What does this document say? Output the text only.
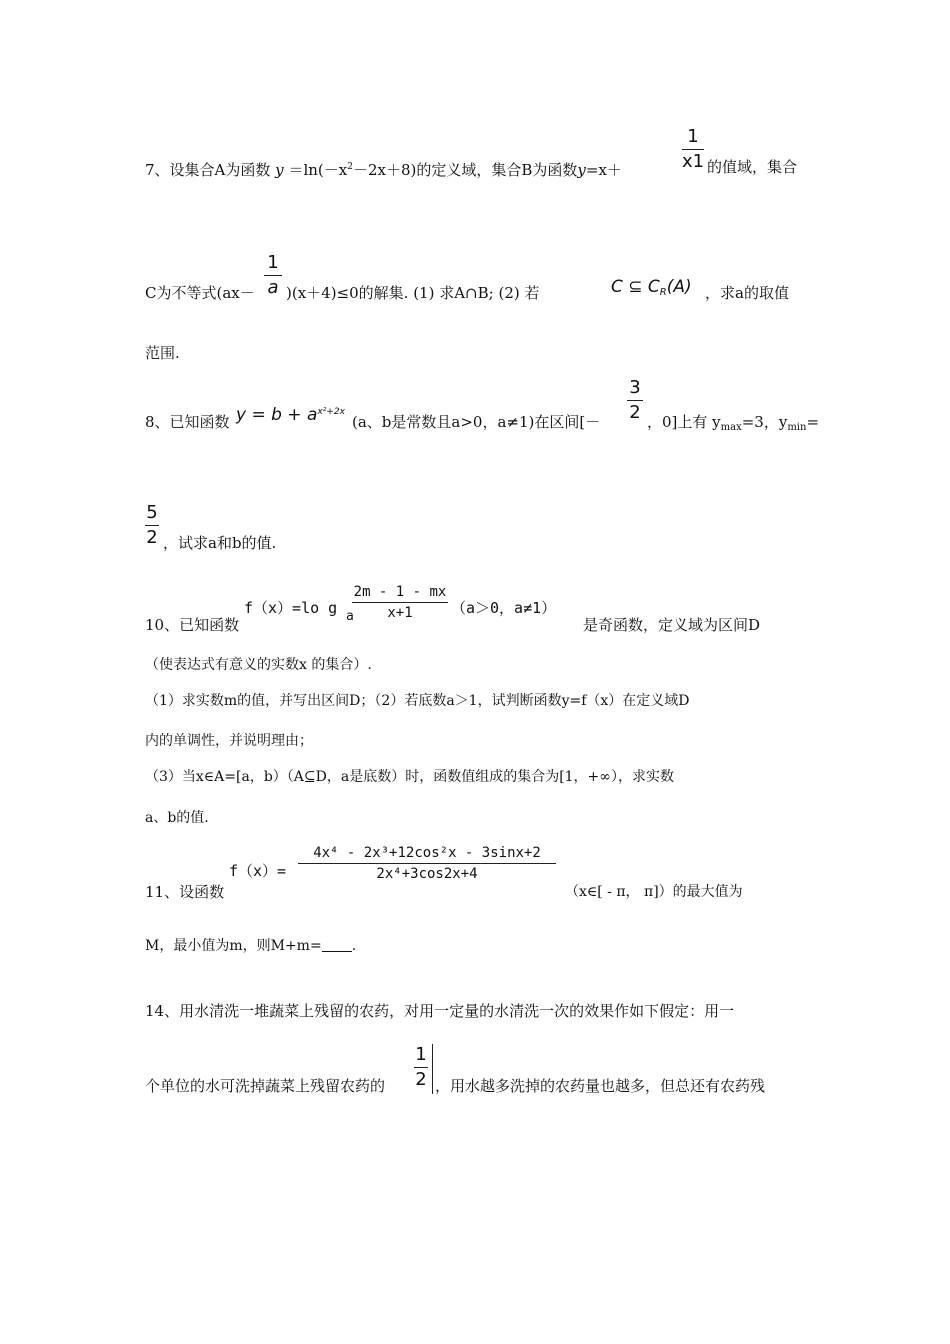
7、设集合A为函数 $y =\ln(-x^2-2x+8)$的定义域，集合B为函数y=x＋
1
x1 的值域，集合
C为不等式(ax－
1
a )(x＋4)≤0的解集. (1) 求A∩B; (2) 若	C ⊆ $C_R(A)$ ，求a的取值
范围.
8、已知函数 $y = b + a^{x^2+2x}$
(a、b是常数且a>0，a≠1)在区间[－
3
2 ，0]上有 $y_{max}=3$，$y_{min}=$
5
2 ，试求a和b的值.
f（x）=lo g a
2m - 1 - mx
x+1	（a＞0，a≠1）
10、已知函数	是奇函数，定义域为区间D
（使表达式有意义的实数x 的集合）.
（1）求实数m的值，并写出区间D；（2）若底数a＞1，试判断函数y=f（x）在定义域D
内的单调性，并说明理由；
（3）当x∈A=[a，b）（A⊆D，a是底数）时，函数值组成的集合为[1，+∞），求实数
a、b的值.
f（x）=
4x⁴ - 2x³+12cos²x - 3sinx+2
2x⁴+3cos2x+4
11、设函数	（x∈[ - π， π]）的最大值为
M，最小值为m，则M+m= .
14、用水清洗一堆蔬菜上残留的农药，对用一定量的水清洗一次的效果作如下假定：用一
个单位的水可洗掉蔬菜上残留农药的
1
2 ，用水越多洗掉的农药量也越多，但总还有农药残
